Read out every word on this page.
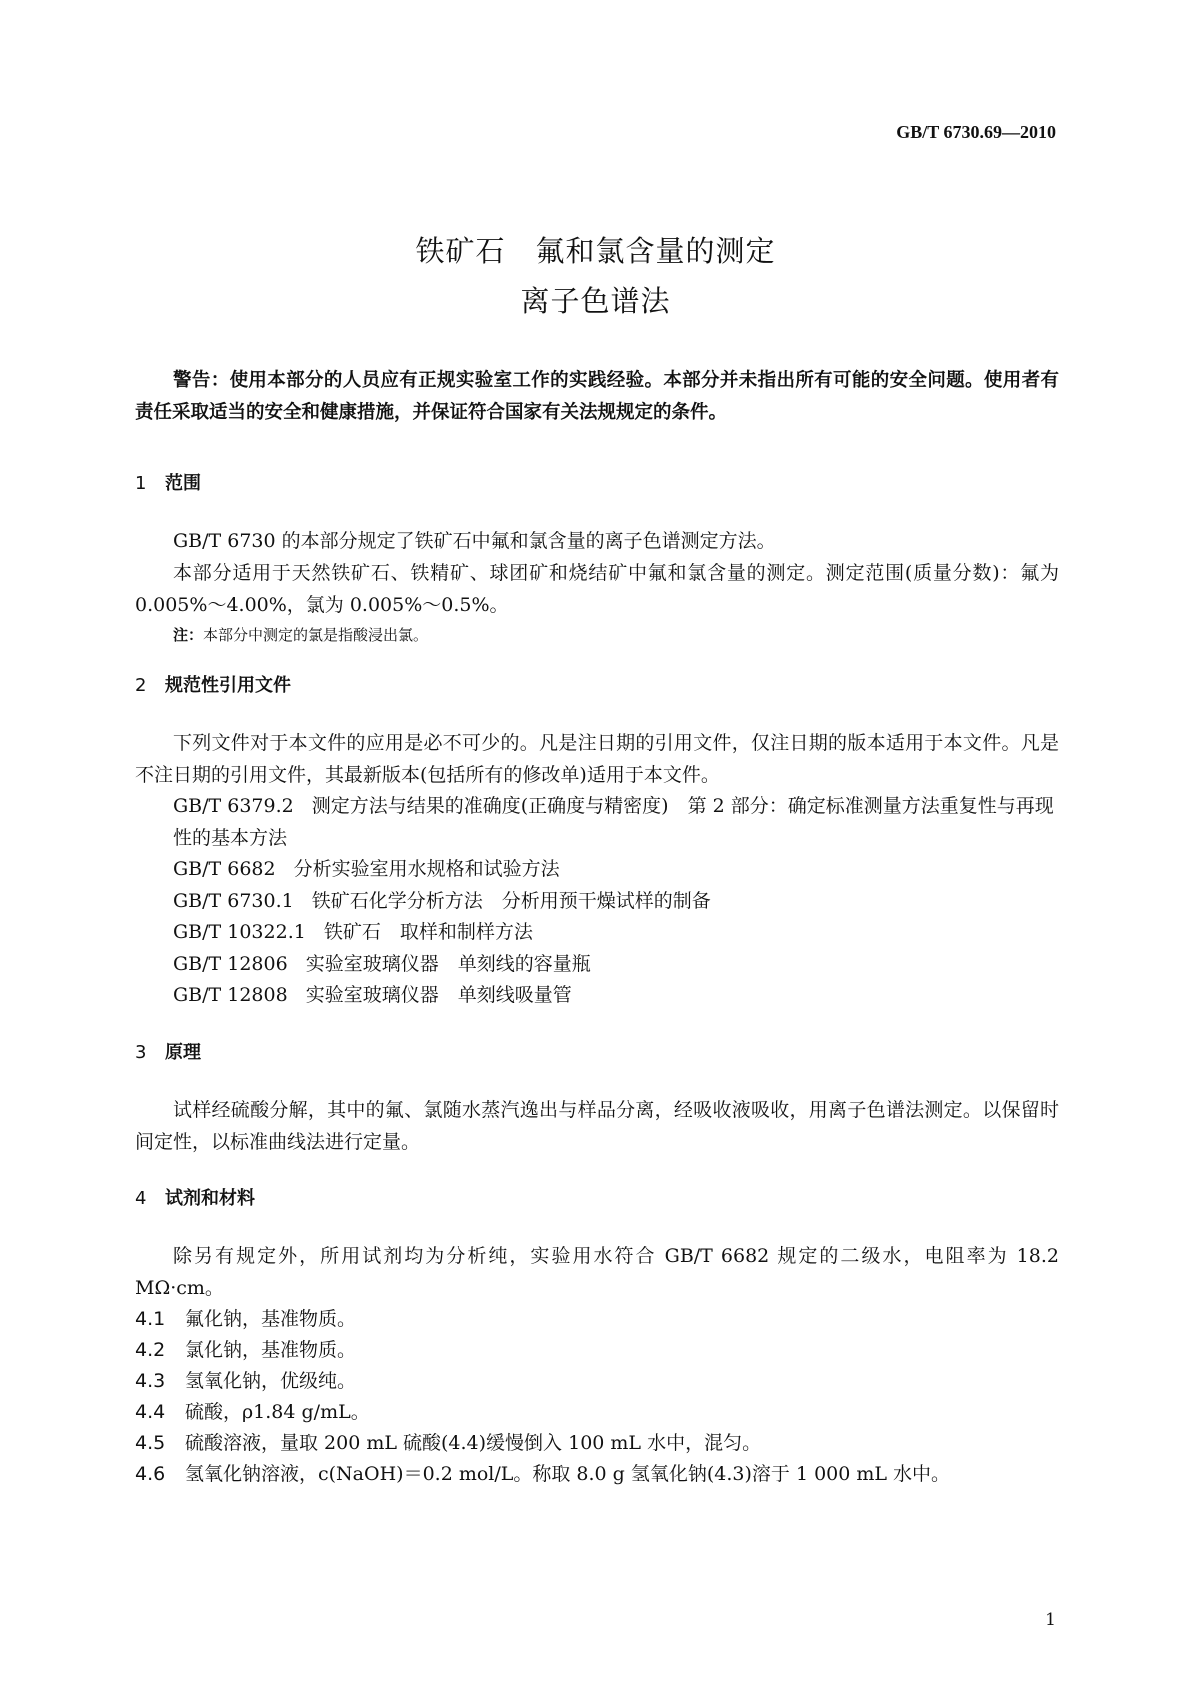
GB/T 6730.69—2010
铁矿石　氟和氯含量的测定
离子色谱法

警告：使用本部分的人员应有正规实验室工作的实践经验。本部分并未指出所有可能的安全问题。使用者有责任采取适当的安全和健康措施，并保证符合国家有关法规规定的条件。

1 范围

GB/T 6730 的本部分规定了铁矿石中氟和氯含量的离子色谱测定方法。

本部分适用于天然铁矿石、铁精矿、球团矿和烧结矿中氟和氯含量的测定。测定范围(质量分数)：氟为 0.005%～4.00%，氯为 0.005%～0.5%。

注：本部分中测定的氯是指酸浸出氯。

2 规范性引用文件

下列文件对于本文件的应用是必不可少的。凡是注日期的引用文件，仅注日期的版本适用于本文件。凡是不注日期的引用文件，其最新版本(包括所有的修改单)适用于本文件。

GB/T 6379.2 测定方法与结果的准确度(正确度与精密度)　第 2 部分：确定标准测量方法重复性与再现性的基本方法

GB/T 6682 分析实验室用水规格和试验方法

GB/T 6730.1 铁矿石化学分析方法　分析用预干燥试样的制备

GB/T 10322.1 铁矿石　取样和制样方法

GB/T 12806 实验室玻璃仪器　单刻线的容量瓶

GB/T 12808 实验室玻璃仪器　单刻线吸量管

3 原理

试样经硫酸分解，其中的氟、氯随水蒸汽逸出与样品分离，经吸收液吸收，用离子色谱法测定。以保留时间定性，以标准曲线法进行定量。

4 试剂和材料

除另有规定外，所用试剂均为分析纯，实验用水符合 GB/T 6682 规定的二级水，电阻率为 18.2 MΩ·cm。

4.1 氟化钠，基准物质。

4.2 氯化钠，基准物质。

4.3 氢氧化钠，优级纯。

4.4 硫酸，ρ1.84 g/mL。

4.5 硫酸溶液，量取 200 mL 硫酸(4.4)缓慢倒入 100 mL 水中，混匀。

4.6 氢氧化钠溶液，c(NaOH)＝0.2 mol/L。称取 8.0 g 氢氧化钠(4.3)溶于 1 000 mL 水中。

1
